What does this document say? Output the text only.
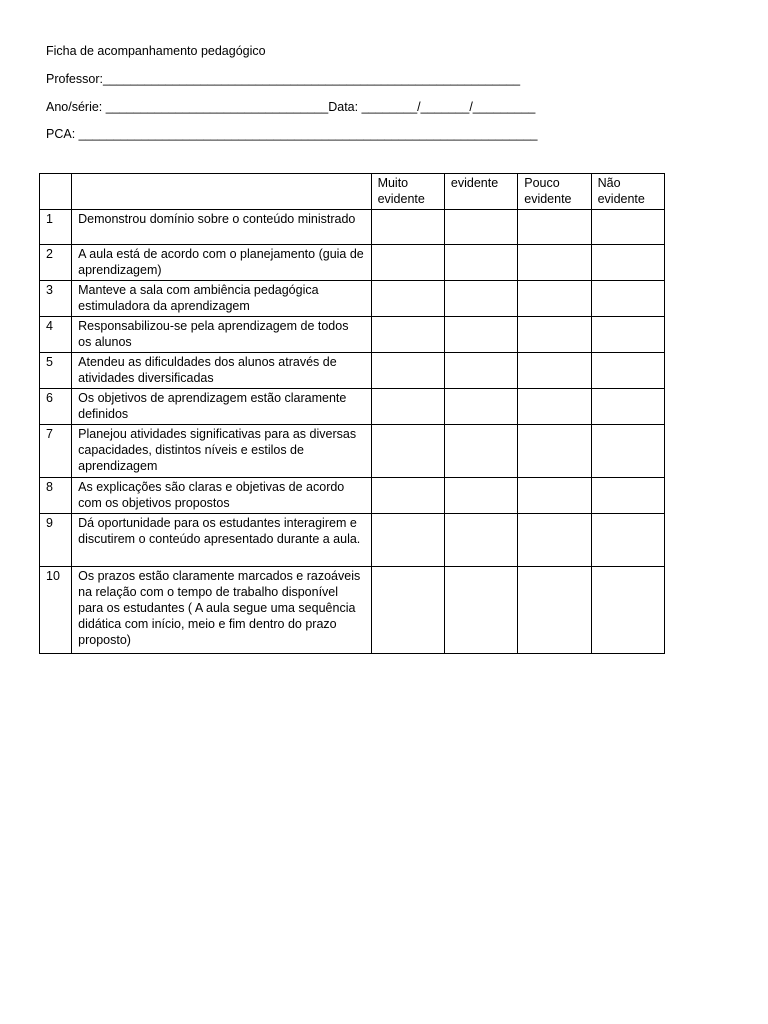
Ficha de acompanhamento pedagógico
Professor:____________________________________________________________
Ano/série: ________________________________Data: ________/_______/_________
PCA: __________________________________________________________________
		Muito evidente	evidente	Pouco evidente	Não evidente
1	Demonstrou domínio sobre o conteúdo ministrado				
2	A aula está de acordo com o planejamento (guia de aprendizagem)				
3	Manteve a sala com ambiência pedagógica estimuladora da aprendizagem				
4	Responsabilizou-se pela aprendizagem de todos os alunos				
5	Atendeu as dificuldades dos alunos através de atividades diversificadas				
6	Os objetivos de aprendizagem estão claramente definidos				
7	Planejou atividades significativas para as diversas capacidades, distintos níveis e estilos de aprendizagem				
8	As explicações são claras e objetivas de acordo com os objetivos propostos				
9	Dá oportunidade para os estudantes interagirem e discutirem o conteúdo apresentado durante a aula.				
10	Os prazos estão claramente marcados e razoáveis na relação com o tempo de trabalho disponível para os estudantes ( A aula segue uma sequência didática com início, meio e fim dentro do prazo proposto)				
